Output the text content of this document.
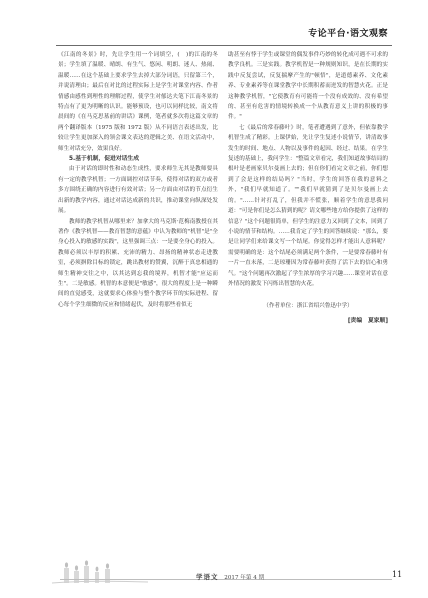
专论平台·语文观察

《江南的冬景》时，先让学生用一个词填空，(　)的江南的冬景；学生填了温暖、晴朗、有生气、悠闲、明朗、迷人、热闹、温暖……在这个基础上要求学生去掉大部分词语，只留第三个，并说清理由；最后在对比的过程实际上是学生对课堂内容、作者情感由感性到理性的理解过程，使学生对郁达夫笔下江南冬景的特点有了更为明晰的认识。能够预设，也可以同样比较，南文将晨间的《在马克思墓前的讲话》课例，笔者就多次将这篇文章的两个翻译版本（1975 版和 1972 版）从不同语言表述出发，比较让学生更加深入的领会课文表达的逻辑之美、在语文活动中，师生对话充分，效果良好。

5.基于机制，促进对话生成

由于对话的即时性和动态生成性，要求师生无其是教师要具有一定的教学机智；一方面调控对话节奏，使得对话的双方或者多方围绕正确的内容进行有效对话；另一方面由对话的节点衍生出新的教学内容，通过对话达成新的共识，推动课堂向纵深处发展。

教师的教学机智从哪里来？加拿大的马克斯·范梅南教授在其著作《教学机智——教育智慧的意蕴》中认为教师的"机智"是"全身心投入的敏感的实践"，这里强调三点：一是要全身心的投入。教师必须以丰厚的积累、充沛的精力、昂扬的精神状态走进教室，必须摒除目标的锁定，跳出教材的赞翼，沉醉于真忠相通的师生精神交往之中，以其达到忘我的境界，机智才能"应运而生"。二是敏感。机智的本意便是"敏感"，很大的程度上是一种瞬间的直觉感受，这就要求心体验与整个教学环节的实际进程、留心每个学生细微的反应和情绪起伏，及时将那些看似无

助甚至有悖于学生或课堂的偶发事件巧妙的转化成可遇不可求的教学良机。三是实践。教学机智是一种规则知识，是在长期的实践中反复尝试，反复揣摩产生的"顿悟"，是道德素养、文化素养、专业素养等在课堂教学中长期积蓄而迸发的智慧火花。正是这种教学机智，"它使教育有可能将一个没有成效的、没有希望的、甚至有危害的情境转换成一个从教育意义上讲的积极的事件。"

七《最后的常春藤叶》时，笔者遭遇到了意外，但依靠教学机智生成了精彩。上课伊始，先让学生复述小说情节，讲清故事发生的时间、地点、人物以及事件的起因、经过、结果。在学生复述的基础上，我问学生："整篇文章看完，我们知道故事结局的根叶是老画家贝尔曼画上去的；但在你们看完文章之前，你们想到了会是这样的结局吗？"当时，学生的回答在我的意料之外，"我们早就知道了。""我们早就猜到了是贝尔曼画上去的。"……针对打乱了，但我并不慌张，顺着学生的意思我问道："可是你们是怎么猜到的呢？请文哪些地方给你提供了这样的信息？"这个问题很简单，但学生的注意力又回到了文本，回到了小说的情节和结构。……我肯定了学生的回答继续说："那么，要是让同学们来给课文写一个结尾。你觉得怎样才能出人意料呢？需要明确的是：这个结尾必须满足两个条件，一是要常春藤叶有一片一直未落，二是琼珊因为常春藤叶获得了活下去的信心和勇气。"这个问题再次激起了学生浓厚的学习兴趣……课堂对话在意外情况的激发下闪烁出智慧的火花。

（作者单位：浙江省绍兴鲁迅中学）

[责编　夏家顺]

学语文 2017 年第 4 期	11
